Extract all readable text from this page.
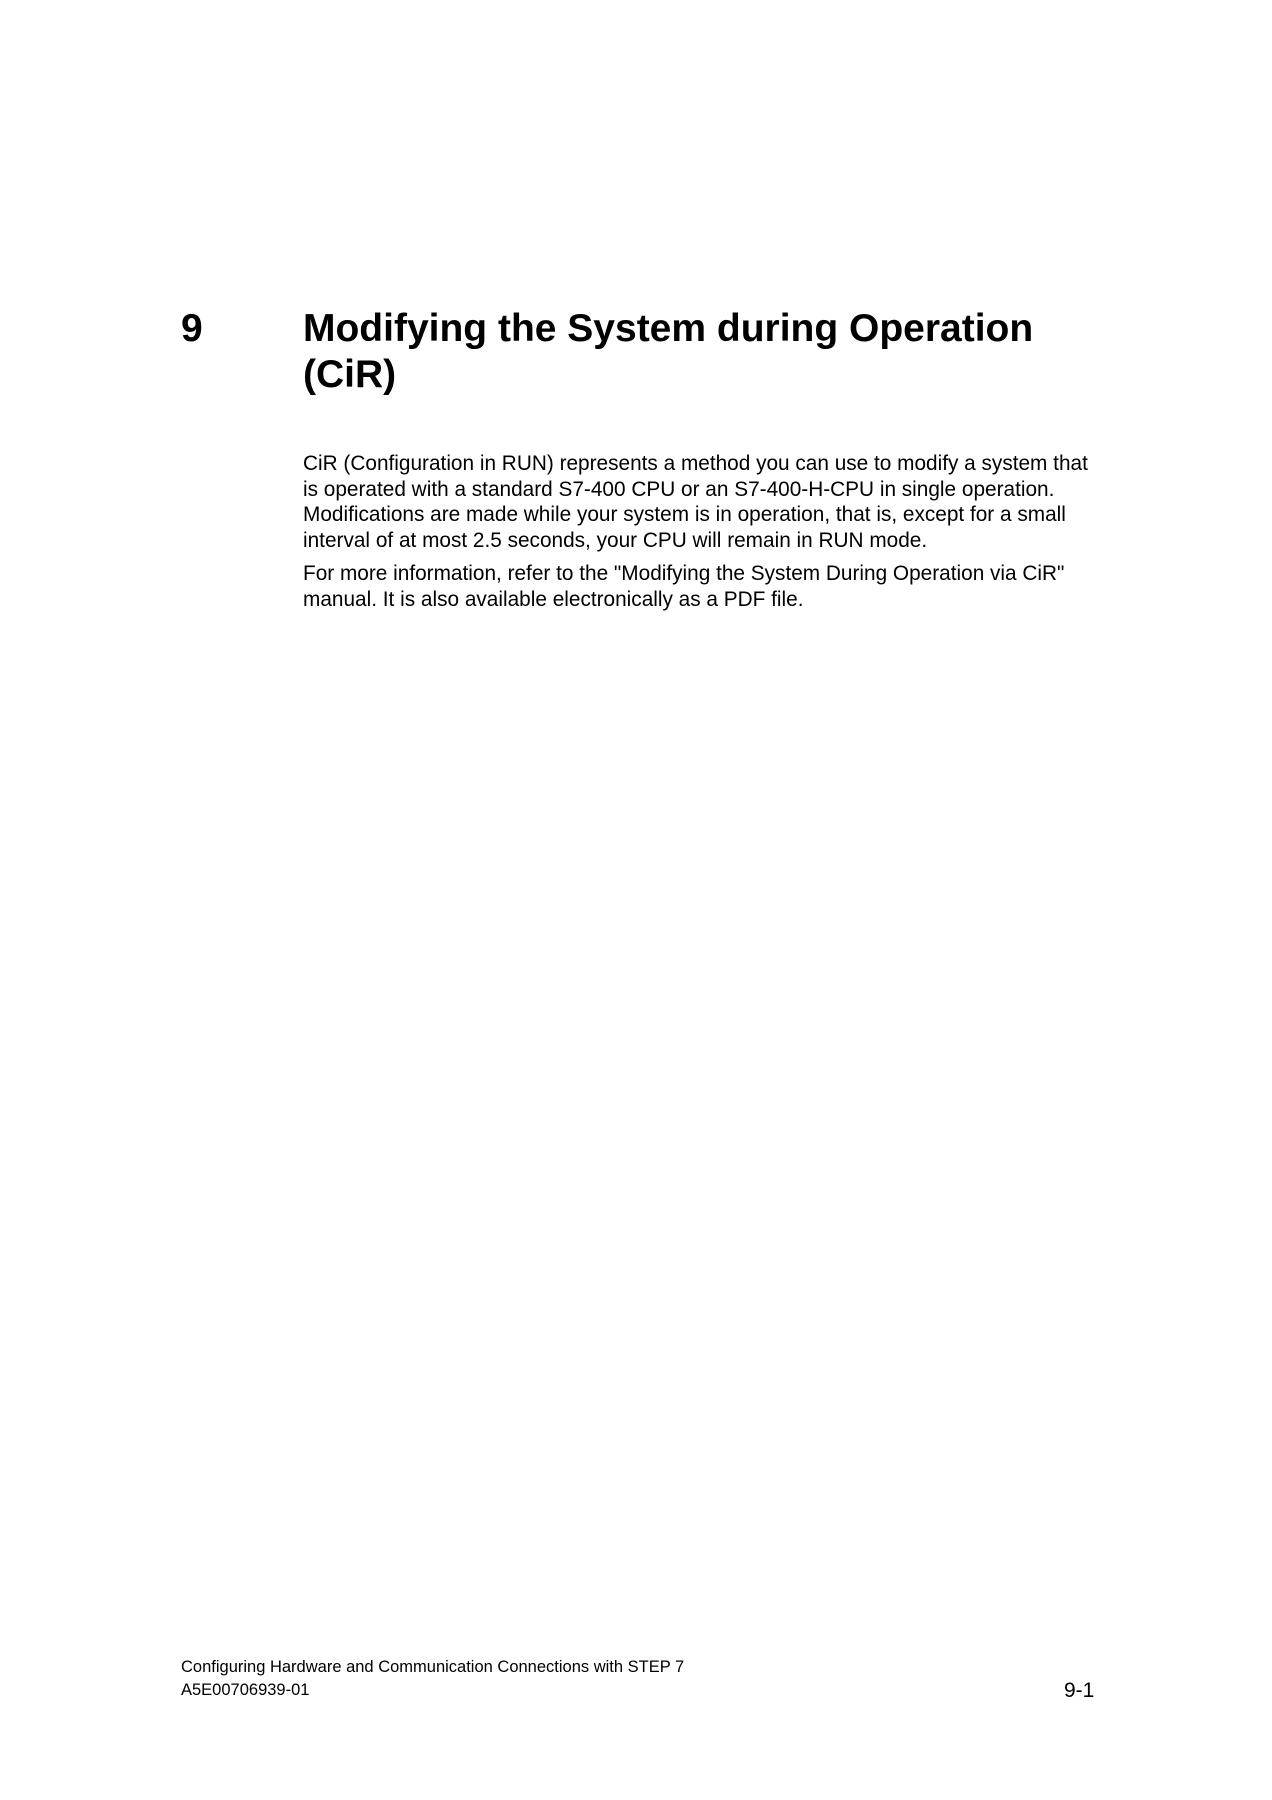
9	Modifying the System during Operation (CiR)

CiR (Configuration in RUN) represents a method you can use to modify a system that is operated with a standard S7-400 CPU or an S7-400-H-CPU in single operation. Modifications are made while your system is in operation, that is, except for a small interval of at most 2.5 seconds, your CPU will remain in RUN mode.

For more information, refer to the "Modifying the System During Operation via CiR" manual. It is also available electronically as a PDF file.

Configuring Hardware and Communication Connections with STEP 7
A5E00706939-01	9-1
